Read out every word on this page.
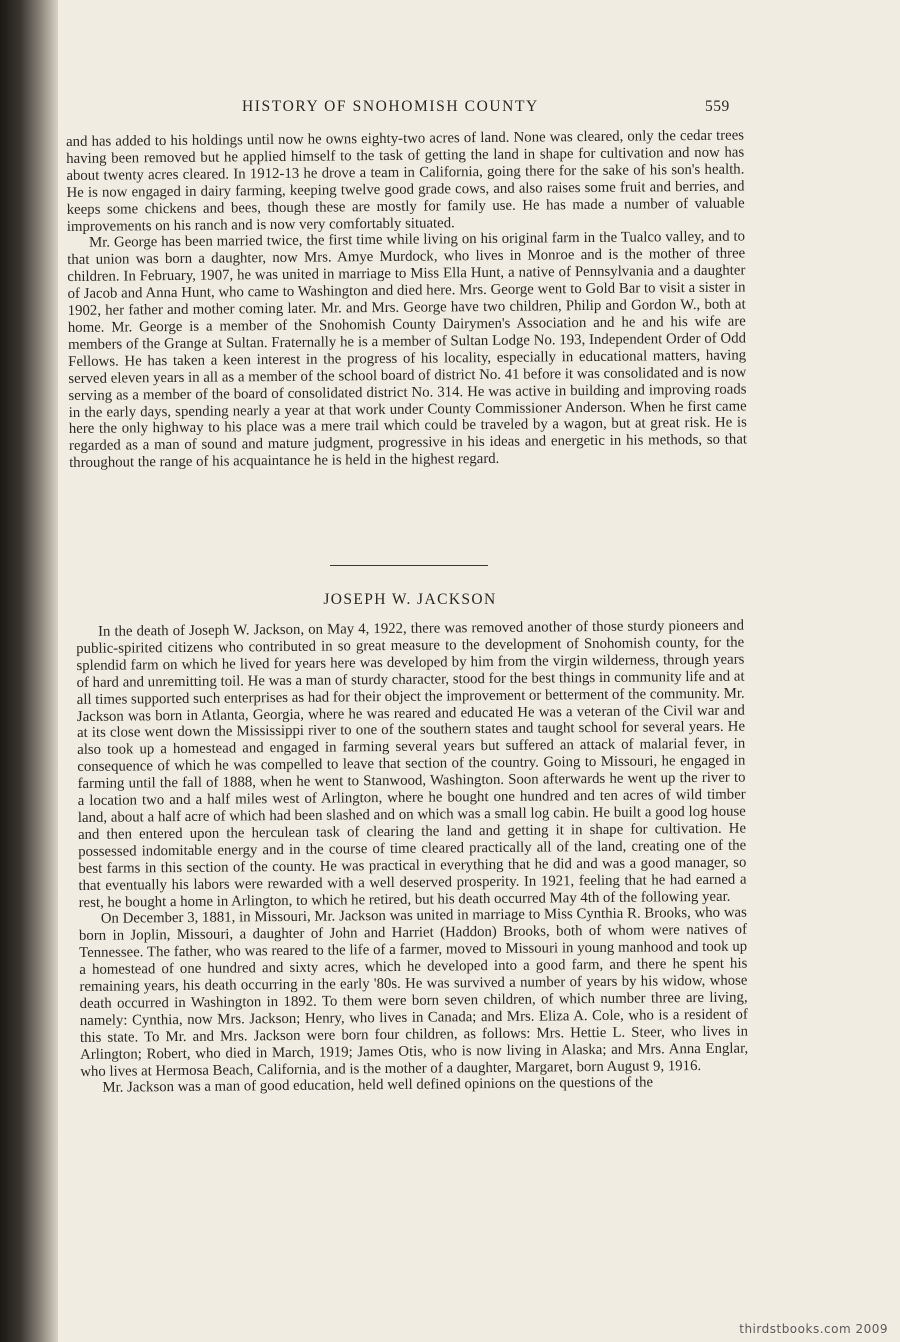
HISTORY OF SNOHOMISH COUNTY	559

and has added to his holdings until now he owns eighty-two acres of land. None was cleared, only the cedar trees having been removed but he applied himself to the task of getting the land in shape for cultivation and now has about twenty acres cleared. In 1912-13 he drove a team in California, going there for the sake of his son's health. He is now engaged in dairy farming, keeping twelve good grade cows, and also raises some fruit and berries, and keeps some chickens and bees, though these are mostly for family use. He has made a number of valuable improvements on his ranch and is now very comfortably situated.

Mr. George has been married twice, the first time while living on his original farm in the Tualco valley, and to that union was born a daughter, now Mrs. Amye Murdock, who lives in Monroe and is the mother of three children. In February, 1907, he was united in marriage to Miss Ella Hunt, a native of Pennsylvania and a daughter of Jacob and Anna Hunt, who came to Washington and died here. Mrs. George went to Gold Bar to visit a sister in 1902, her father and mother coming later. Mr. and Mrs. George have two children, Philip and Gordon W., both at home. Mr. George is a member of the Snohomish County Dairymen's Association and he and his wife are members of the Grange at Sultan. Fraternally he is a member of Sultan Lodge No. 193, Independent Order of Odd Fellows. He has taken a keen interest in the progress of his locality, especially in educational matters, having served eleven years in all as a member of the school board of district No. 41 before it was consolidated and is now serving as a member of the board of consolidated district No. 314. He was active in building and improving roads in the early days, spending nearly a year at that work under County Commissioner Anderson. When he first came here the only highway to his place was a mere trail which could be traveled by a wagon, but at great risk. He is regarded as a man of sound and mature judgment, progressive in his ideas and energetic in his methods, so that throughout the range of his acquaintance he is held in the highest regard.

JOSEPH W. JACKSON

In the death of Joseph W. Jackson, on May 4, 1922, there was removed another of those sturdy pioneers and public-spirited citizens who contributed in so great measure to the development of Snohomish county, for the splendid farm on which he lived for years here was developed by him from the virgin wilderness, through years of hard and unremitting toil. He was a man of sturdy character, stood for the best things in community life and at all times supported such enterprises as had for their object the improvement or betterment of the community. Mr. Jackson was born in Atlanta, Georgia, where he was reared and educated He was a veteran of the Civil war and at its close went down the Mississippi river to one of the southern states and taught school for several years. He also took up a homestead and engaged in farming several years but suffered an attack of malarial fever, in consequence of which he was compelled to leave that section of the country. Going to Missouri, he engaged in farming until the fall of 1888, when he went to Stanwood, Washington. Soon afterwards he went up the river to a location two and a half miles west of Arlington, where he bought one hundred and ten acres of wild timber land, about a half acre of which had been slashed and on which was a small log cabin. He built a good log house and then entered upon the herculean task of clearing the land and getting it in shape for cultivation. He possessed indomitable energy and in the course of time cleared practically all of the land, creating one of the best farms in this section of the county. He was practical in everything that he did and was a good manager, so that eventually his labors were rewarded with a well deserved prosperity. In 1921, feeling that he had earned a rest, he bought a home in Arlington, to which he retired, but his death occurred May 4th of the following year.

On December 3, 1881, in Missouri, Mr. Jackson was united in marriage to Miss Cynthia R. Brooks, who was born in Joplin, Missouri, a daughter of John and Harriet (Haddon) Brooks, both of whom were natives of Tennessee. The father, who was reared to the life of a farmer, moved to Missouri in young manhood and took up a homestead of one hundred and sixty acres, which he developed into a good farm, and there he spent his remaining years, his death occurring in the early '80s. He was survived a number of years by his widow, whose death occurred in Washington in 1892. To them were born seven children, of which number three are living, namely: Cynthia, now Mrs. Jackson; Henry, who lives in Canada; and Mrs. Eliza A. Cole, who is a resident of this state. To Mr. and Mrs. Jackson were born four children, as follows: Mrs. Hettie L. Steer, who lives in Arlington; Robert, who died in March, 1919; James Otis, who is now living in Alaska; and Mrs. Anna Englar, who lives at Hermosa Beach, California, and is the mother of a daughter, Margaret, born August 9, 1916.

Mr. Jackson was a man of good education, held well defined opinions on the questions of the

thirdstbooks.com 2009
